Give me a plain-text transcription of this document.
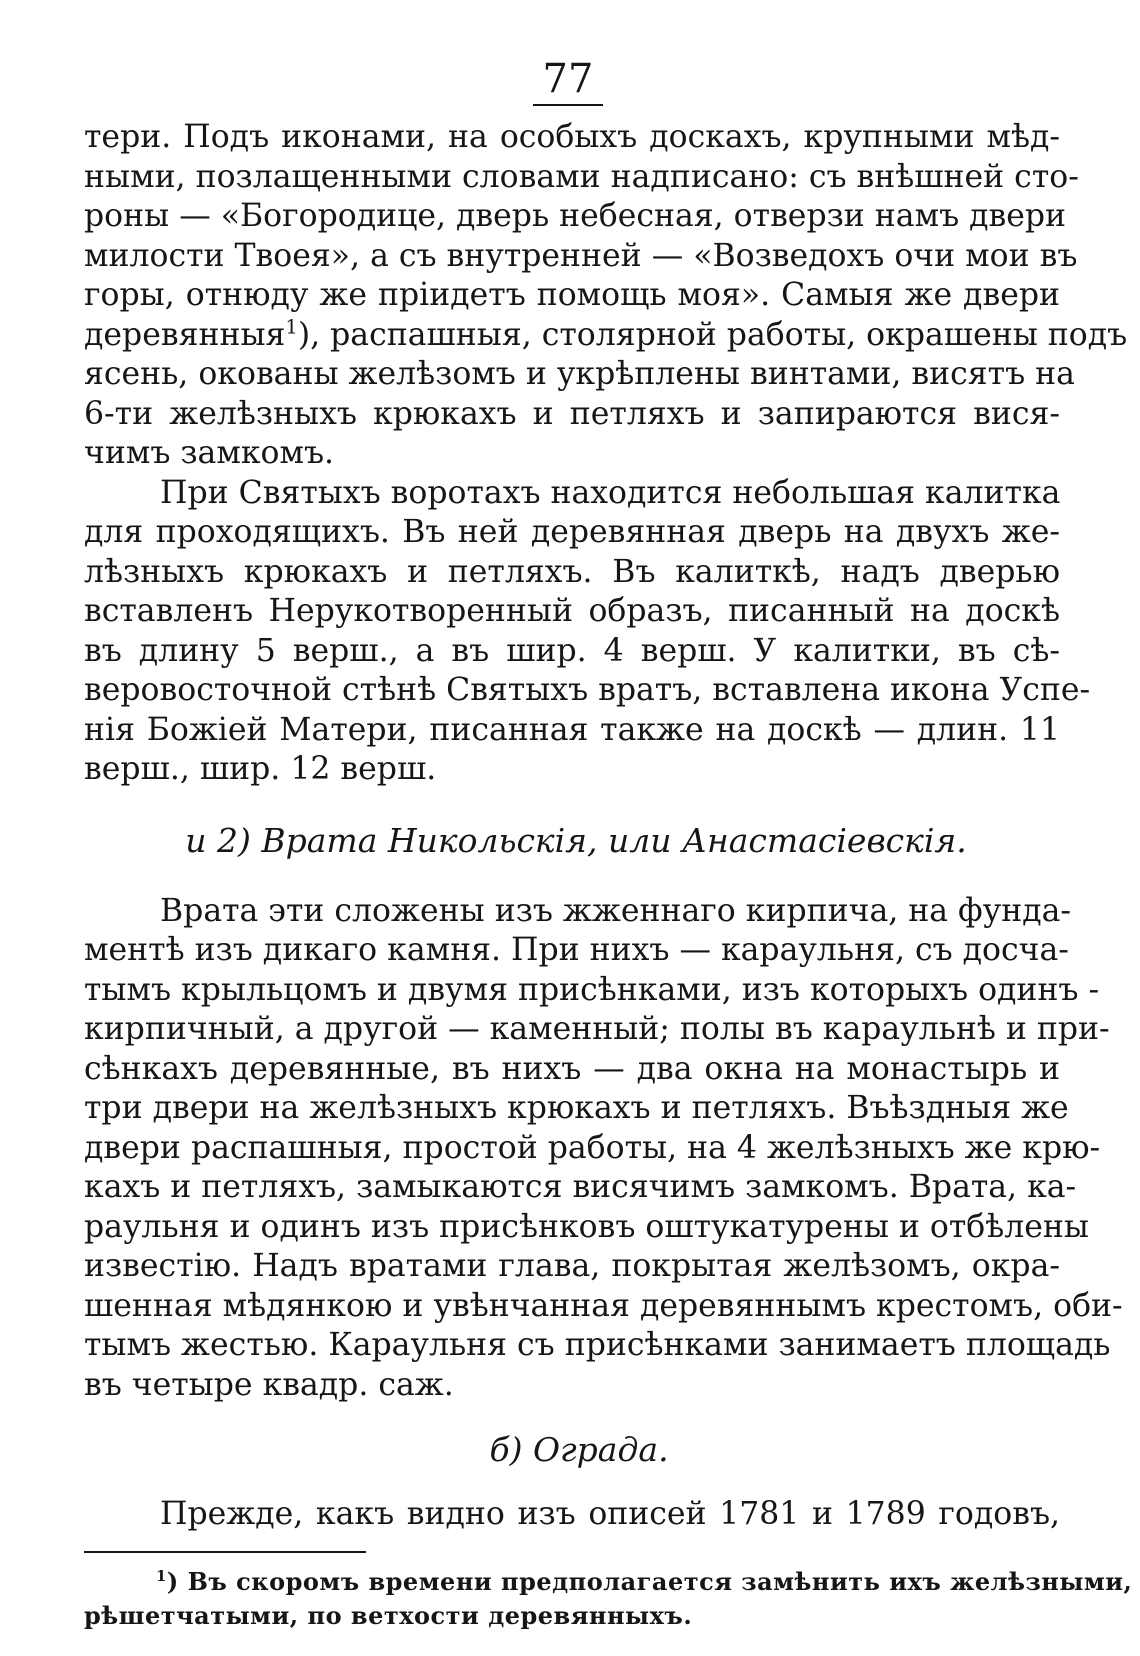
77
тери. Подъ иконами, на особыхъ доскахъ, крупными мѣд-
ными, позлащенными словами надписано: съ внѣшней сто-
роны — «Богородице, дверь небесная, отверзи намъ двери
милости Твоея», а съ внутренней — «Возведохъ очи мои въ
горы, отнюду же пріидетъ помощь моя». Самыя же двери
деревянныя$^1$), распашныя, столярной работы, окрашены подъ
ясень, окованы желѣзомъ и укрѣплены винтами, висятъ на
6-ти желѣзныхъ крюкахъ и петляхъ и запираются вися-
чимъ замкомъ.
При Святыхъ воротахъ находится небольшая калитка
для проходящихъ. Въ ней деревянная дверь на двухъ же-
лѣзныхъ крюкахъ и петляхъ. Въ калиткѣ, надъ дверью
вставленъ Нерукотворенный образъ, писанный на доскѣ
въ длину 5 верш., а въ шир. 4 верш. У калитки, въ сѣ-
веровосточной стѣнѣ Святыхъ вратъ, вставлена икона Успе-
нія Божіей Матери, писанная также на доскѣ — длин. 11
верш., шир. 12 верш.
и 2) Врата Никольскія, или Анастасіевскія.
Врата эти сложены изъ жженнаго кирпича, на фунда-
ментѣ изъ дикаго камня. При нихъ — караульня, съ досча-
тымъ крыльцомъ и двумя присѣнками, изъ которыхъ одинъ -
кирпичный, а другой — каменный; полы въ караульнѣ и при-
сѣнкахъ деревянные, въ нихъ — два окна на монастырь и
три двери на желѣзныхъ крюкахъ и петляхъ. Въѣздныя же
двери распашныя, простой работы, на 4 желѣзныхъ же крю-
кахъ и петляхъ, замыкаются висячимъ замкомъ. Врата, ка-
раульня и одинъ изъ присѣнковъ оштукатурены и отбѣлены
известію. Надъ вратами глава, покрытая желѣзомъ, окра-
шенная мѣдянкою и увѣнчанная деревяннымъ крестомъ, оби-
тымъ жестью. Караульня съ присѣнками занимаетъ площадь
въ четыре квадр. саж.
б) Ограда.
Прежде, какъ видно изъ описей 1781 и 1789 годовъ,
$^1$) Въ скоромъ времени предполагается замѣнить ихъ желѣзными,
рѣшетчатыми, по ветхости деревянныхъ.
